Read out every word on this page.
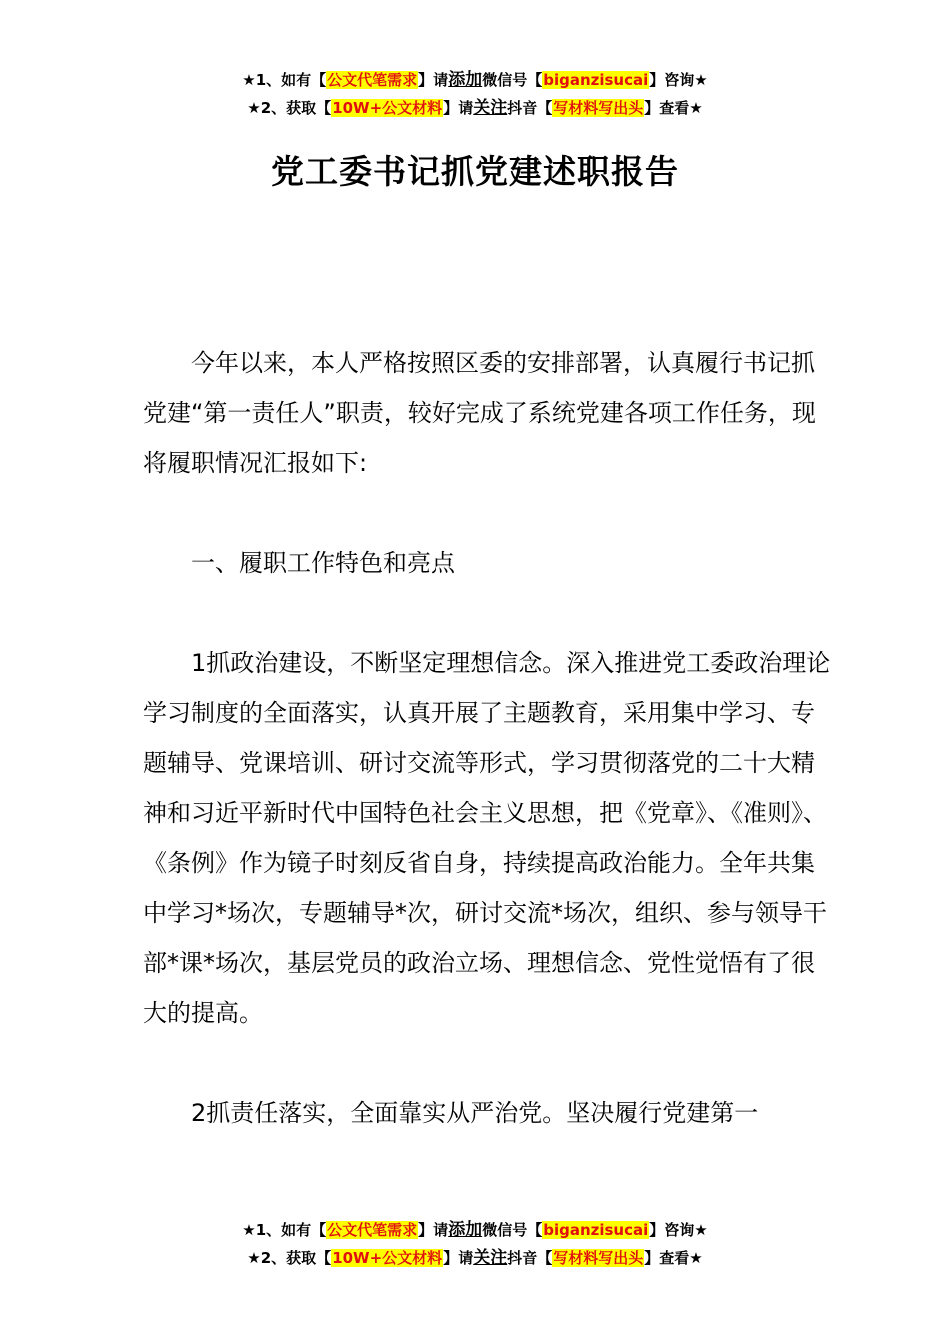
★1、如有【公文代笔需求】请添加微信号【biganzisucai】咨询★
★2、获取【10W+公文材料】请关注抖音【写材料写出头】查看★
党工委书记抓党建述职报告

今年以来，本人严格按照区委的安排部署，认真履行书记抓党建“第一责任人”职责，较好完成了系统党建各项工作任务，现将履职情况汇报如下:

一、履职工作特色和亮点

1抓政治建设，不断坚定理想信念。深入推进党工委政治理论学习制度的全面落实，认真开展了主题教育，采用集中学习、专题辅导、党课培训、研讨交流等形式，学习贯彻落党的二十大精神和习近平新时代中国特色社会主义思想，把《党章》、《准则》、《条例》作为镜子时刻反省自身，持续提高政治能力。全年共集中学习*场次，专题辅导*次，研讨交流*场次，组织、参与领导干部*课*场次，基层党员的政治立场、理想信念、党性觉悟有了很大的提高。

2抓责任落实，全面靠实从严治党。坚决履行党建第一

★1、如有【公文代笔需求】请添加微信号【biganzisucai】咨询★
★2、获取【10W+公文材料】请关注抖音【写材料写出头】查看★
